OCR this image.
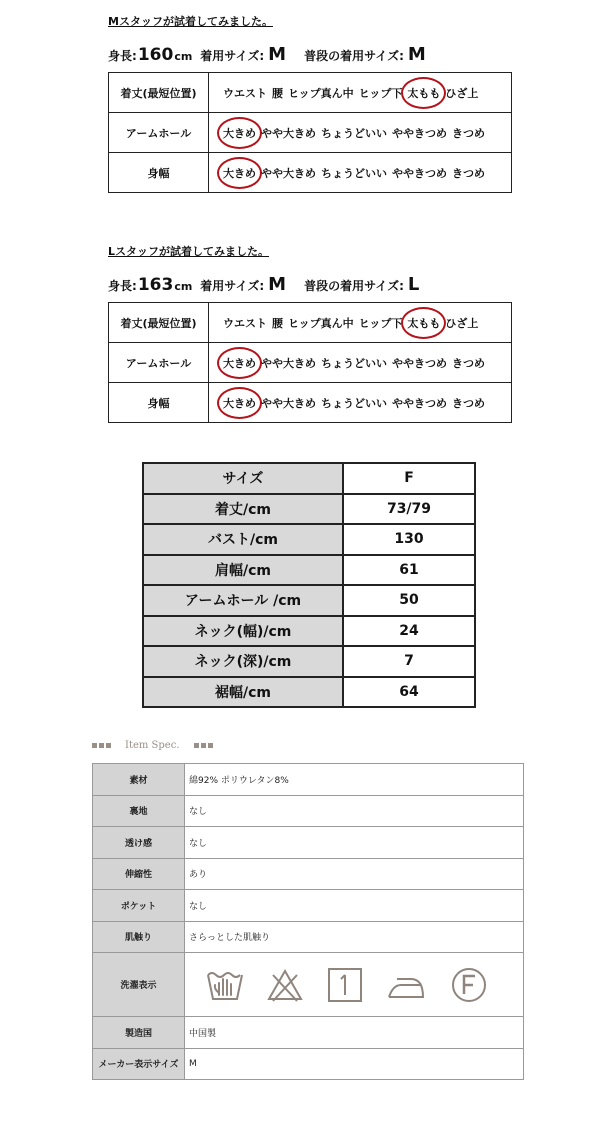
Mスタッフが試着してみました。
身長: 160 cm 着用サイズ: M 普段の着用サイズ: M
着丈(最短位置)	ウエスト 腰 ヒップ真ん中 ヒップ下 太もも ひざ上
アームホール	大きめ やや大きめ ちょうどいい ややきつめ きつめ
身幅	大きめ やや大きめ ちょうどいい ややきつめ きつめ
Lスタッフが試着してみました。
身長: 163 cm 着用サイズ: M 普段の着用サイズ: L
着丈(最短位置)	ウエスト 腰 ヒップ真ん中 ヒップ下 太もも ひざ上
アームホール	大きめ やや大きめ ちょうどいい ややきつめ きつめ
身幅	大きめ やや大きめ ちょうどいい ややきつめ きつめ
サイズ	F
着丈/cm	73/79
バスト/cm	130
肩幅/cm	61
アームホール /cm	50
ネック(幅)/cm	24
ネック(深)/cm	7
裾幅/cm	64
Item Spec.
素材	綿92% ポリウレタン8%
裏地	なし
透け感	なし
伸縮性	あり
ポケット	なし
肌触り	さらっとした肌触り
洗濯表示	

製造国	中国製
メーカー表示サイズ	M
